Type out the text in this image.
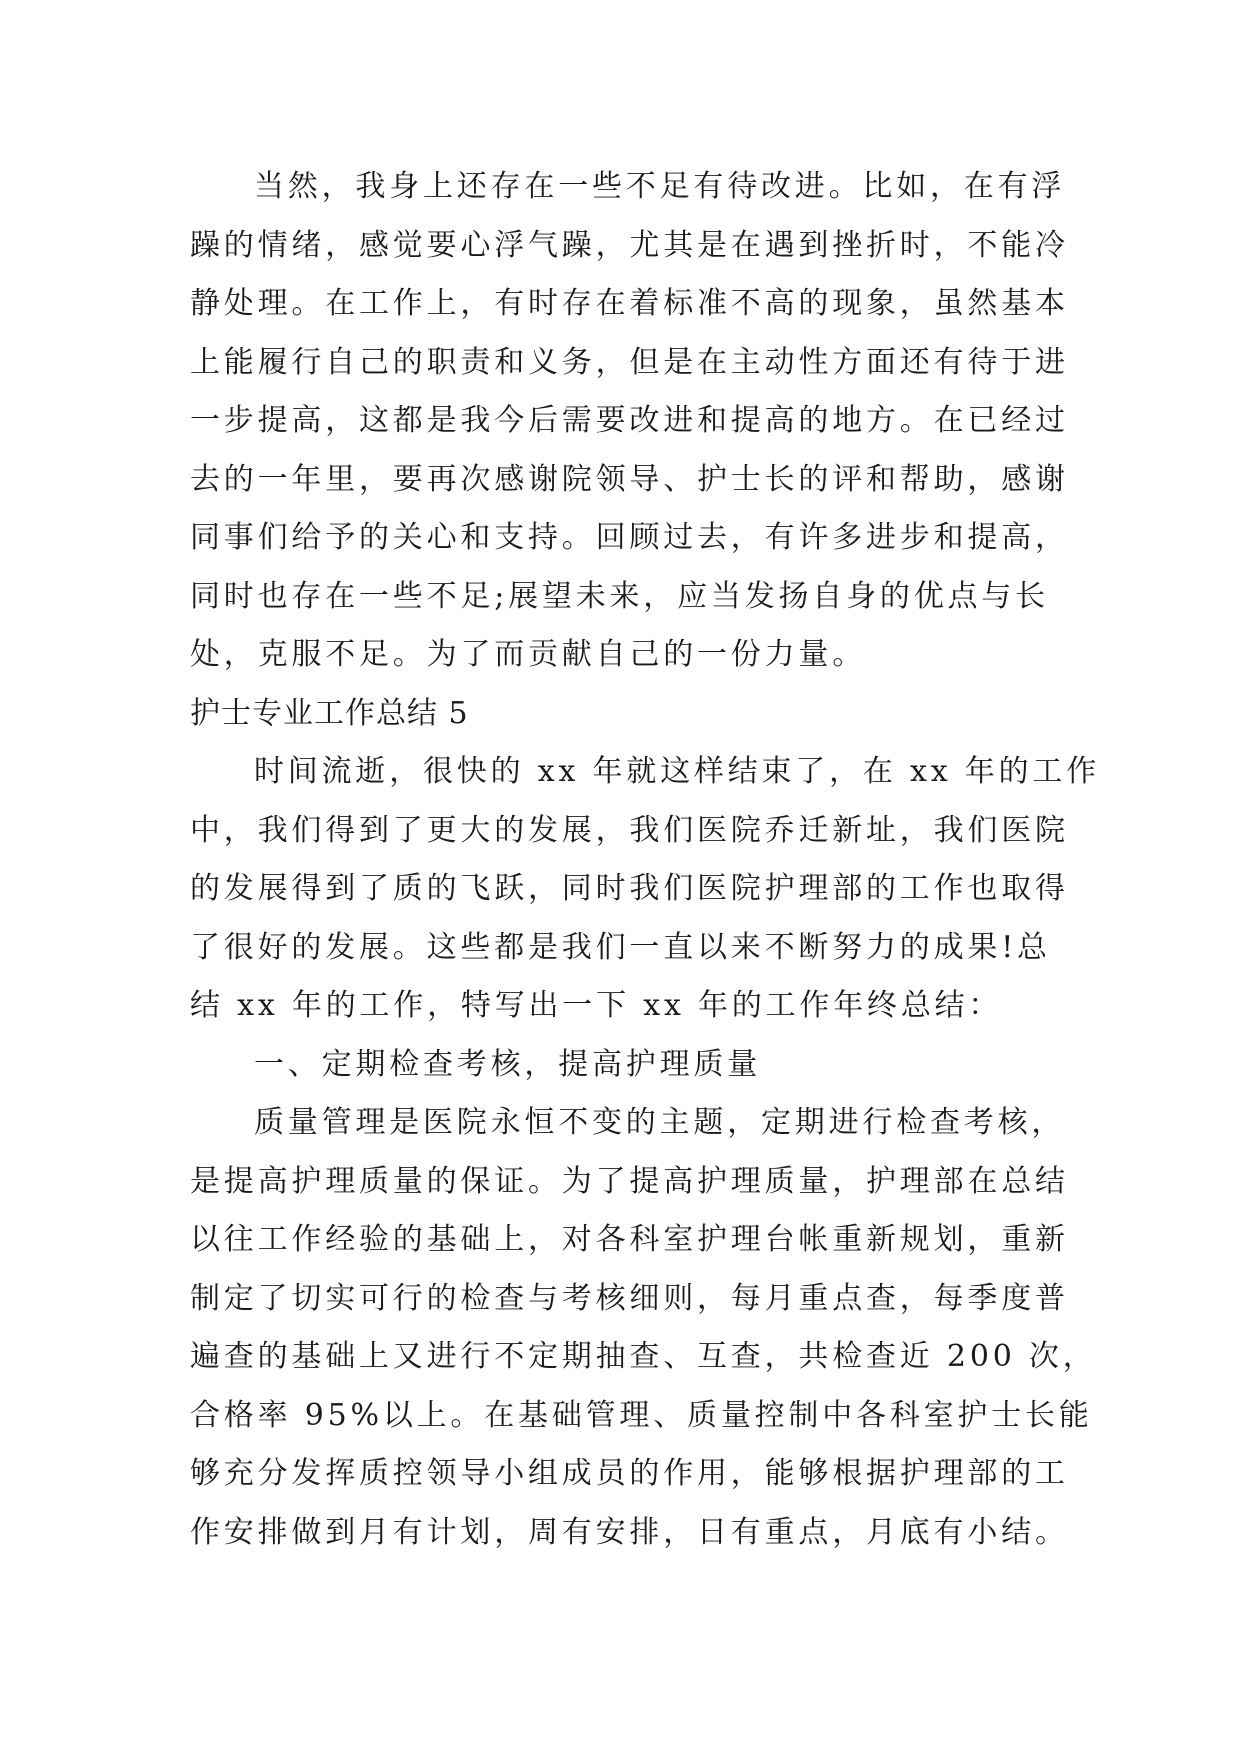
当然，我身上还存在一些不足有待改进。比如，在有浮
躁的情绪，感觉要心浮气躁，尤其是在遇到挫折时，不能冷
静处理。在工作上，有时存在着标准不高的现象，虽然基本
上能履行自己的职责和义务，但是在主动性方面还有待于进
一步提高，这都是我今后需要改进和提高的地方。在已经过
去的一年里，要再次感谢院领导、护士长的评和帮助，感谢
同事们给予的关心和支持。回顾过去，有许多进步和提高，
同时也存在一些不足;展望未来，应当发扬自身的优点与长
处，克服不足。为了而贡献自己的一份力量。
护士专业工作总结 5
时间流逝，很快的 xx 年就这样结束了，在 xx 年的工作
中，我们得到了更大的发展，我们医院乔迁新址，我们医院
的发展得到了质的飞跃，同时我们医院护理部的工作也取得
了很好的发展。这些都是我们一直以来不断努力的成果!总
结 xx 年的工作，特写出一下 xx 年的工作年终总结：
一、定期检查考核，提高护理质量
质量管理是医院永恒不变的主题，定期进行检查考核，
是提高护理质量的保证。为了提高护理质量，护理部在总结
以往工作经验的基础上，对各科室护理台帐重新规划，重新
制定了切实可行的检查与考核细则，每月重点查，每季度普
遍查的基础上又进行不定期抽查、互查，共检查近 200 次，
合格率 95%以上。在基础管理、质量控制中各科室护士长能
够充分发挥质控领导小组成员的作用，能够根据护理部的工
作安排做到月有计划，周有安排，日有重点，月底有小结。
